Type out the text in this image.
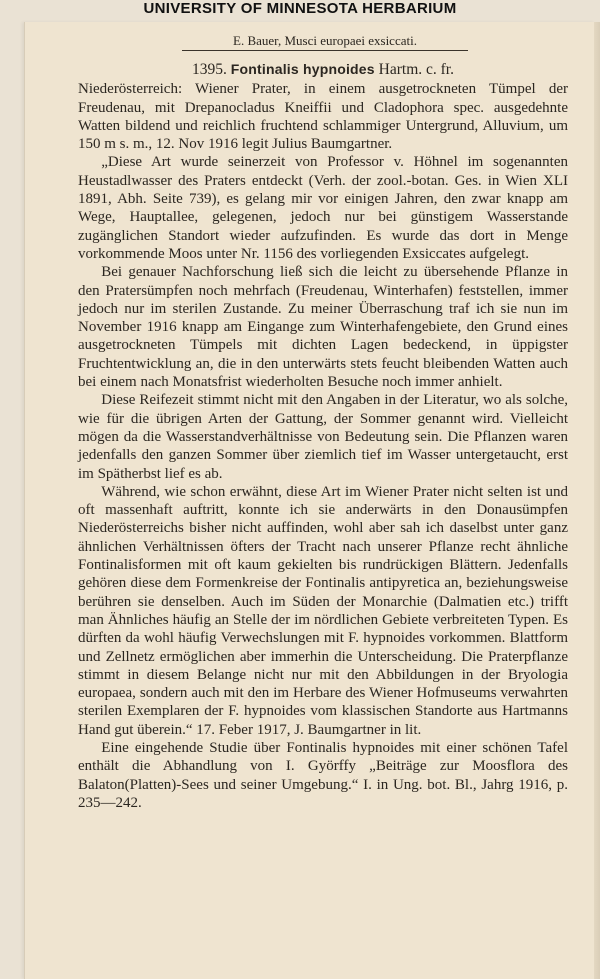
UNIVERSITY OF MINNESOTA HERBARIUM
E. Bauer, Musci europaei exsiccati.
1395. Fontinalis hypnoides Hartm. c. fr.

Niederösterreich: Wiener Prater, in einem ausgetrockneten Tümpel der Freudenau, mit Drepanocladus Kneiffii und Cladophora spec. ausgedehnte Watten bildend und reichlich fruchtend schlammiger Untergrund, Alluvium, um 150 m s. m., 12. Nov 1916 legit Julius Baumgartner.

„Diese Art wurde seinerzeit von Professor v. Höhnel im sogenannten Heustadlwasser des Praters entdeckt (Verh. der zool.-botan. Ges. in Wien XLI 1891, Abh. Seite 739), es gelang mir vor einigen Jahren, den zwar knapp am Wege, Hauptallee, gelegenen, jedoch nur bei günstigem Wasserstande zugänglichen Standort wieder aufzufinden. Es wurde das dort in Menge vorkommende Moos unter Nr. 1156 des vorliegenden Exsiccates aufgelegt.

Bei genauer Nachforschung ließ sich die leicht zu übersehende Pflanze in den Pratersümpfen noch mehrfach (Freudenau, Winterhafen) feststellen, immer jedoch nur im sterilen Zustande. Zu meiner Überraschung traf ich sie nun im November 1916 knapp am Eingange zum Winterhafengebiete, den Grund eines ausgetrockneten Tümpels mit dichten Lagen bedeckend, in üppigster Fruchtentwicklung an, die in den unterwärts stets feucht bleibenden Watten auch bei einem nach Monatsfrist wiederholten Besuche noch immer anhielt.

Diese Reifezeit stimmt nicht mit den Angaben in der Literatur, wo als solche, wie für die übrigen Arten der Gattung, der Sommer genannt wird. Vielleicht mögen da die Wasserstandverhältnisse von Bedeutung sein. Die Pflanzen waren jedenfalls den ganzen Sommer über ziemlich tief im Wasser untergetaucht, erst im Spätherbst lief es ab.

Während, wie schon erwähnt, diese Art im Wiener Prater nicht selten ist und oft massenhaft auftritt, konnte ich sie anderwärts in den Donausümpfen Niederösterreichs bisher nicht auffinden, wohl aber sah ich daselbst unter ganz ähnlichen Verhältnissen öfters der Tracht nach unserer Pflanze recht ähnliche Fontinalisformen mit oft kaum gekielten bis rundrückigen Blättern. Jedenfalls gehören diese dem Formenkreise der Fontinalis antipyretica an, beziehungsweise berühren sie denselben. Auch im Süden der Monarchie (Dalmatien etc.) trifft man Ähnliches häufig an Stelle der im nördlichen Gebiete verbreiteten Typen. Es dürften da wohl häufig Verwechslungen mit F. hypnoides vorkommen. Blattform und Zellnetz ermöglichen aber immerhin die Unterscheidung. Die Praterpflanze stimmt in diesem Belange nicht nur mit den Abbildungen in der Bryologia europaea, sondern auch mit den im Herbare des Wiener Hofmuseums verwahrten sterilen Exemplaren der F. hypnoides vom klassischen Standorte aus Hartmanns Hand gut überein.“ 17. Feber 1917, J. Baumgartner in lit.

Eine eingehende Studie über Fontinalis hypnoides mit einer schönen Tafel enthält die Abhandlung von I. Györffy „Beiträge zur Moosflora des Balaton(Platten)-Sees und seiner Umgebung.“ I. in Ung. bot. Bl., Jahrg 1916, p. 235—242.
